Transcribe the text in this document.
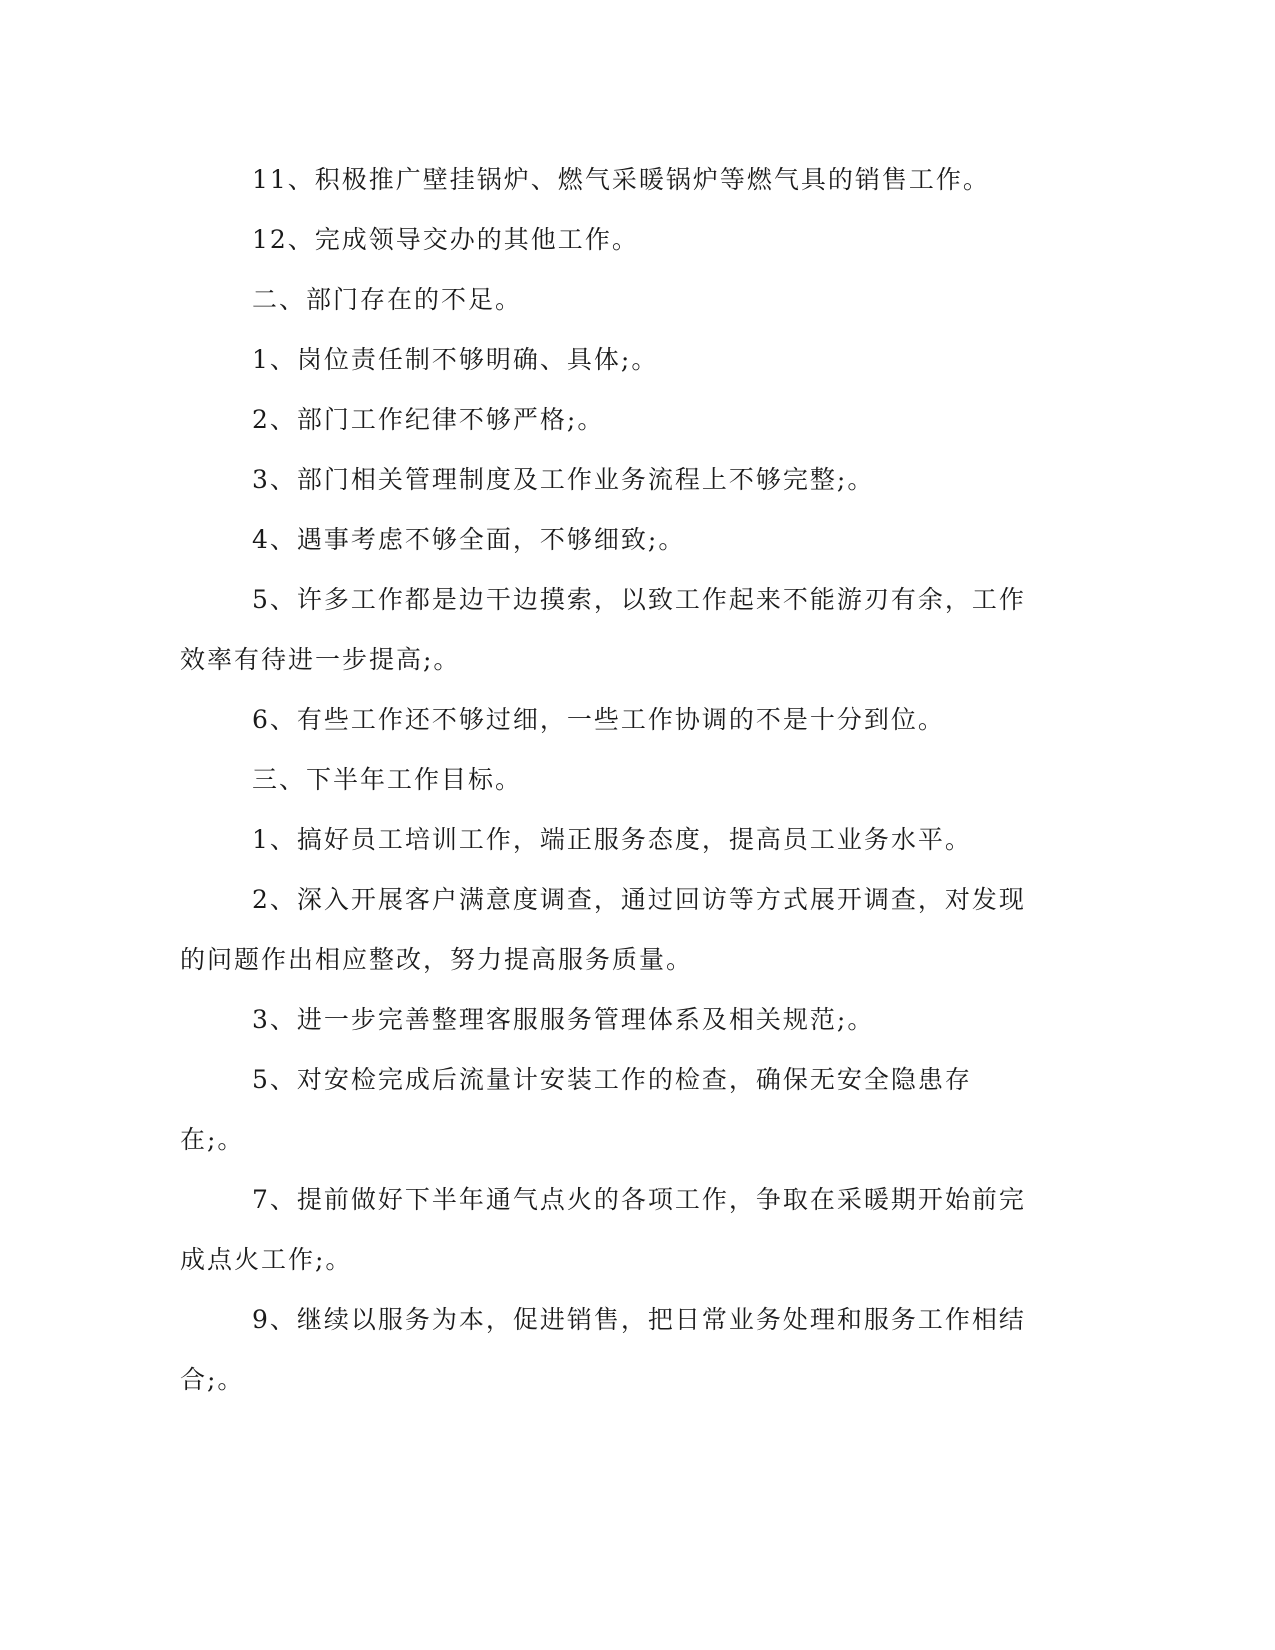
11、积极推广壁挂锅炉、燃气采暖锅炉等燃气具的销售工作。

12、完成领导交办的其他工作。

二、部门存在的不足。

1、岗位责任制不够明确、具体;。

2、部门工作纪律不够严格;。

3、部门相关管理制度及工作业务流程上不够完整;。

4、遇事考虑不够全面，不够细致;。

5、许多工作都是边干边摸索，以致工作起来不能游刃有余，工作效率有待进一步提高;。

6、有些工作还不够过细，一些工作协调的不是十分到位。

三、下半年工作目标。

1、搞好员工培训工作，端正服务态度，提高员工业务水平。

2、深入开展客户满意度调查，通过回访等方式展开调查，对发现的问题作出相应整改，努力提高服务质量。

3、进一步完善整理客服服务管理体系及相关规范;。

5、对安检完成后流量计安装工作的检查，确保无安全隐患存在;。

7、提前做好下半年通气点火的各项工作，争取在采暖期开始前完成点火工作;。

9、继续以服务为本，促进销售，把日常业务处理和服务工作相结合;。
